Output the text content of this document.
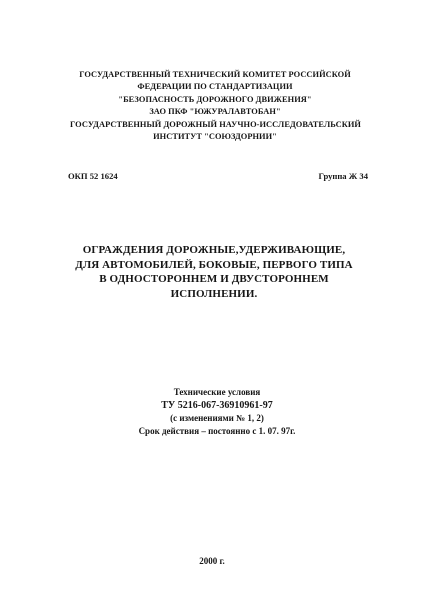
ГОСУДАРСТВЕННЫЙ ТЕХНИЧЕСКИЙ КОМИТЕТ РОССИЙСКОЙ
ФЕДЕРАЦИИ ПО СТАНДАРТИЗАЦИИ
"БЕЗОПАСНОСТЬ ДОРОЖНОГО ДВИЖЕНИЯ"
ЗАО ПКФ "ЮЖУРАЛАВТОБАН"
ГОСУДАРСТВЕННЫЙ ДОРОЖНЫЙ НАУЧНО-ИССЛЕДОВАТЕЛЬСКИЙ
ИНСТИТУТ "СОЮЗДОРНИИ"
ОКП 52 1624	Группа Ж 34
ОГРАЖДЕНИЯ ДОРОЖНЫЕ,УДЕРЖИВАЮЩИЕ,
ДЛЯ АВТОМОБИЛЕЙ, БОКОВЫЕ, ПЕРВОГО ТИПА
В ОДНОСТОРОННЕМ И ДВУСТОРОННЕМ
ИСПОЛНЕНИИ.
Технические условия
ТУ 5216-067-36910961-97
(с изменениями № 1, 2)
Срок действия – постоянно с 1. 07. 97г.
2000 г.
